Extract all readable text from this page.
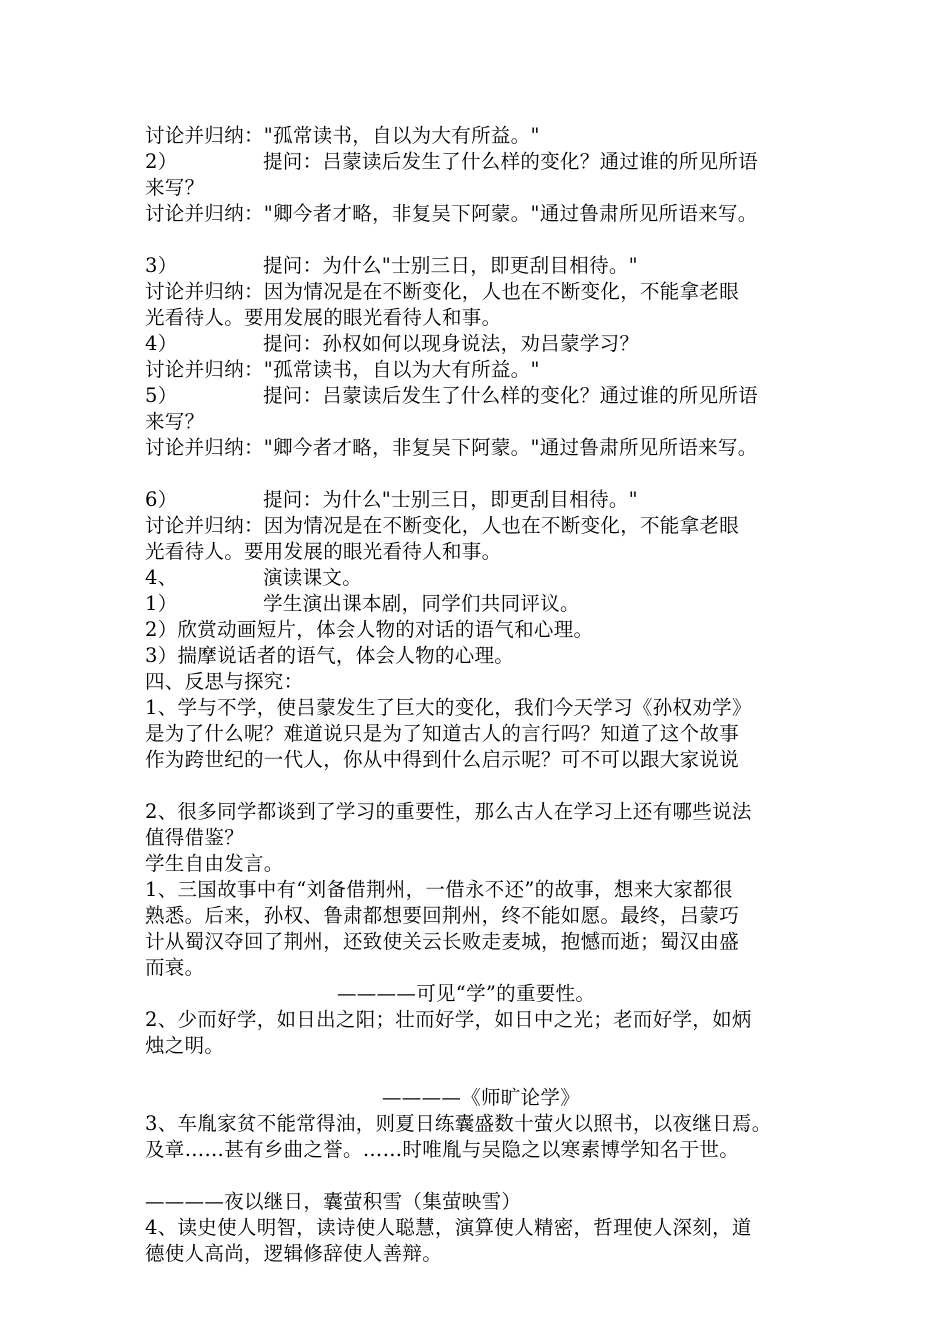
讨论并归纳："孤常读书，自以为大有所益。"
2）	提问：吕蒙读后发生了什么样的变化？通过谁的所见所语
来写？
讨论并归纳："卿今者才略，非复吴下阿蒙。"通过鲁肃所见所语来写。
3）	提问：为什么"士别三日，即更刮目相待。"
讨论并归纳：因为情况是在不断变化，人也在不断变化，不能拿老眼
光看待人。要用发展的眼光看待人和事。
4）	提问：孙权如何以现身说法，劝吕蒙学习？
讨论并归纳："孤常读书，自以为大有所益。"
5）	提问：吕蒙读后发生了什么样的变化？通过谁的所见所语
来写？
讨论并归纳："卿今者才略，非复吴下阿蒙。"通过鲁肃所见所语来写。
6）	提问：为什么"士别三日，即更刮目相待。"
讨论并归纳：因为情况是在不断变化，人也在不断变化，不能拿老眼
光看待人。要用发展的眼光看待人和事。
4、	演读课文。
1）	学生演出课本剧，同学们共同评议。
2）欣赏动画短片，体会人物的对话的语气和心理。
3）揣摩说话者的语气，体会人物的心理。
四、反思与探究：
1、学与不学，使吕蒙发生了巨大的变化，我们今天学习《孙权劝学》
是为了什么呢？难道说只是为了知道古人的言行吗？知道了这个故事
作为跨世纪的一代人，你从中得到什么启示呢？可不可以跟大家说说
2、很多同学都谈到了学习的重要性，那么古人在学习上还有哪些说法
值得借鉴？
学生自由发言。
1、三国故事中有“刘备借荆州，一借永不还”的故事，想来大家都很
熟悉。后来，孙权、鲁肃都想要回荆州，终不能如愿。最终，吕蒙巧
计从蜀汉夺回了荆州，还致使关云长败走麦城，抱憾而逝；蜀汉由盛
而衰。
————可见“学”的重要性。
2、少而好学，如日出之阳；壮而好学，如日中之光；老而好学，如炳
烛之明。
————《师旷论学》
3、车胤家贫不能常得油，则夏日练囊盛数十萤火以照书，以夜继日焉。
及章……甚有乡曲之誉。……时唯胤与吴隐之以寒素博学知名于世。
————夜以继日，囊萤积雪（集萤映雪）
4、读史使人明智，读诗使人聪慧，演算使人精密，哲理使人深刻，道
德使人高尚，逻辑修辞使人善辩。
